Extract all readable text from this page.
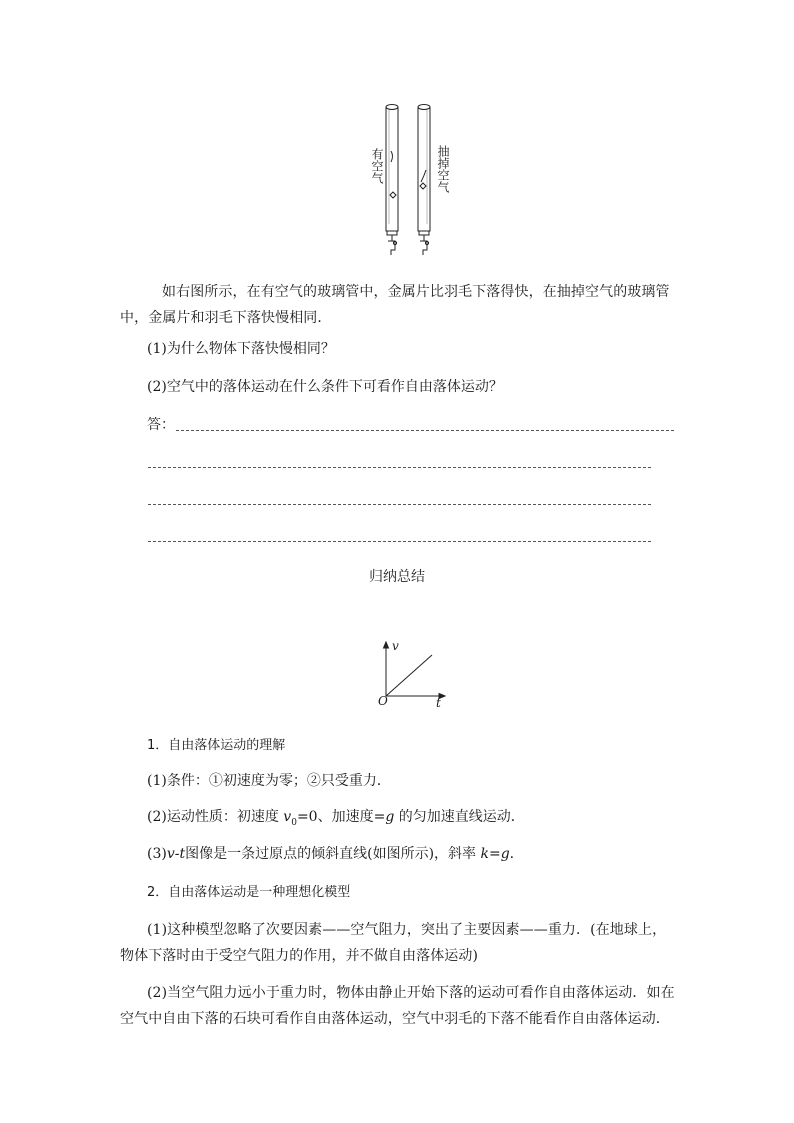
有空气	抽掉空气
如右图所示，在有空气的玻璃管中，金属片比羽毛下落得快，在抽掉空气的玻璃管中，金属片和羽毛下落快慢相同．
(1)为什么物体下落快慢相同？
(2)空气中的落体运动在什么条件下可看作自由落体运动？
答：
归纳总结
v
t
O
1．自由落体运动的理解
(1)条件：①初速度为零；②只受重力．
(2)运动性质：初速度 $v_0=0$、加速度=g 的匀加速直线运动．
(3)v-t图像是一条过原点的倾斜直线(如图所示)，斜率 k=g.
2．自由落体运动是一种理想化模型
(1)这种模型忽略了次要因素——空气阻力，突出了主要因素——重力．(在地球上，物体下落时由于受空气阻力的作用，并不做自由落体运动)
(2)当空气阻力远小于重力时，物体由静止开始下落的运动可看作自由落体运动．如在空气中自由下落的石块可看作自由落体运动，空气中羽毛的下落不能看作自由落体运动．
